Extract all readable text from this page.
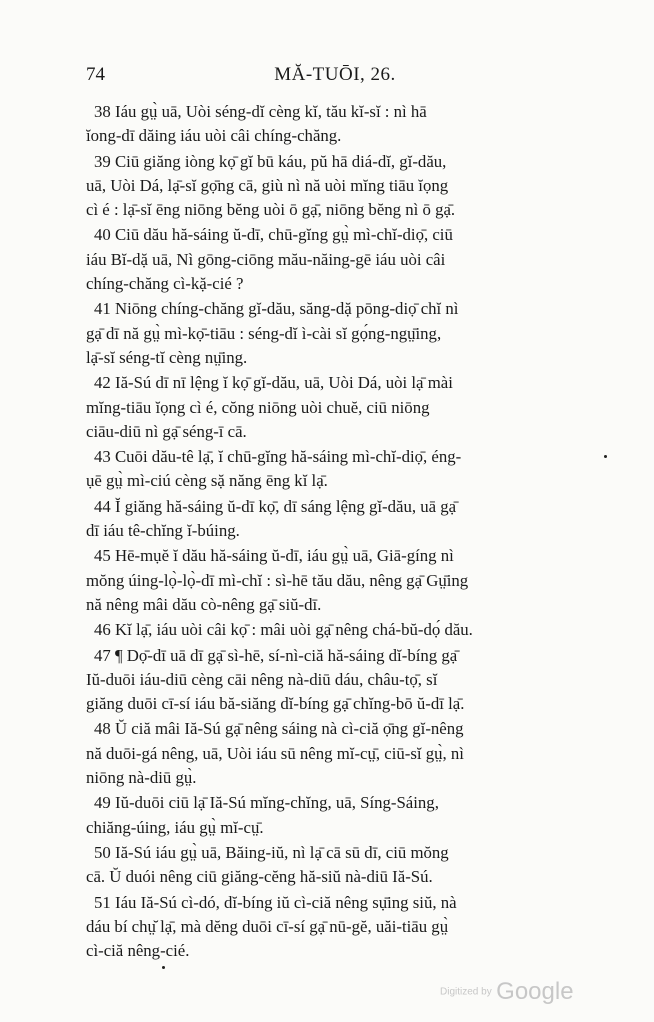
74	MĂ-TUŌI, 26.
38 Iáu gṳ̀ uā, Uòi séng-dĭ cèng kĭ, tău kĭ-sĭ : nì hā
ĭong-dī dăing iáu uòi câi chíng-chăng.
39 Ciū giăng iòng kọ̄ gĭ bū káu, pŭ hā diá-dĭ, gĭ-dău,
uā, Uòi Dá, lạ̄-sĭ gọ̄ng cā, giù nì nă uòi mĭng tiāu ĭọng
cì é : lạ̄-sĭ ēng niōng bĕng uòi ō gạ̄, niōng bĕng nì ō gạ̄.
40 Ciū dău hă-sáing ŭ-dī, chū-gĭng gṳ̀ mì-chĭ-diọ̄, ciū
iáu Bĭ-dặ uā, Nì gōng-ciōng mău-năing-gē iáu uòi câi
chíng-chăng cì-kặ-cié ?
41 Niōng chíng-chăng gĭ-dău, săng-dặ pōng-diọ̄ chĭ nì
gạ̄ dī nă gṳ̀ mì-kọ̄-tiāu : séng-dĭ ì-cài sĭ gọ́ng-ngṳ̄ing,
lạ̄-sĭ séng-tĭ cèng nṳ̄ing.
42 Iă-Sú dī nī lệng ĭ kọ̄ gĭ-dău, uā, Uòi Dá, uòi lạ̄ mài
mĭng-tiāu ĭọng cì é, cŏng niōng uòi chuĕ, ciū niōng
ciāu-diū nì gạ̄ séng-ī cā.
43 Cuōi dău-tê lạ̄, ĭ chū-gĭng hă-sáing mì-chĭ-diọ̄, éng-
ụē gṳ̀ mì-ciú cèng sặ năng ēng kĭ lạ̄.
44 Ĭ giăng hă-sáing ŭ-dī kọ̄, dī sáng lệng gĭ-dău, uā gạ̄
dī iáu tê-chĭng ĭ-búing.
45 Hē-mụĕ ĭ dău hă-sáing ŭ-dī, iáu gṳ̀ uā, Giā-gíng nì
mŏng úing-lọ̀-lọ̀-dī mì-chĭ : sì-hē tău dău, nêng gạ̄ Gṳ̄ing
nă nêng mâi dău cò-nêng gạ̄ siŭ-dī.
46 Kĭ lạ̄, iáu uòi câi kọ̄ : mâi uòi gạ̄ nêng chá-bŭ-dọ́ dău.
47 ¶ Dọ̄-dī uā dī gạ̄ sì-hē, sí-nì-ciă hă-sáing dĭ-bíng gạ̄
Iŭ-duōi iáu-diū cèng cāi nêng nà-diū dáu, châu-tọ̄, sĭ
giăng duōi cī-sí iáu bă-siăng dĭ-bíng gạ̄ chĭng-bō ŭ-dī lạ̄.
48 Ŭ ciă mâi Iă-Sú gạ̄ nêng sáing nà cì-ciă ọ̄ng gĭ-nêng
nă duōi-gá nêng, uā, Uòi iáu sū nêng mĭ-cṳ̄, ciū-sĭ gṳ̀, nì
niōng nà-diū gṳ̀.
49 Iŭ-duōi ciū lạ̄ Iă-Sú mĭng-chĭng, uā, Síng-Sáing,
chiăng-úing, iáu gṳ̀ mĭ-cṳ̄.
50 Iă-Sú iáu gṳ̀ uā, Băing-iŭ, nì lạ̄ cā sū dī, ciū mŏng
cā. Ŭ duói nêng ciū giăng-cĕng hă-siŭ nà-diū Iă-Sú.
51 Iáu Iă-Sú cì-dó, dĭ-bíng iŭ cì-ciă nêng sụ̄ing siŭ, nà
dáu bí chṳ̆ lạ̄, mà dĕng duōi cī-sí gạ̄ nū-gĕ, uăi-tiāu gṳ̀
cì-ciă nêng-cié.
Digitized by Google
